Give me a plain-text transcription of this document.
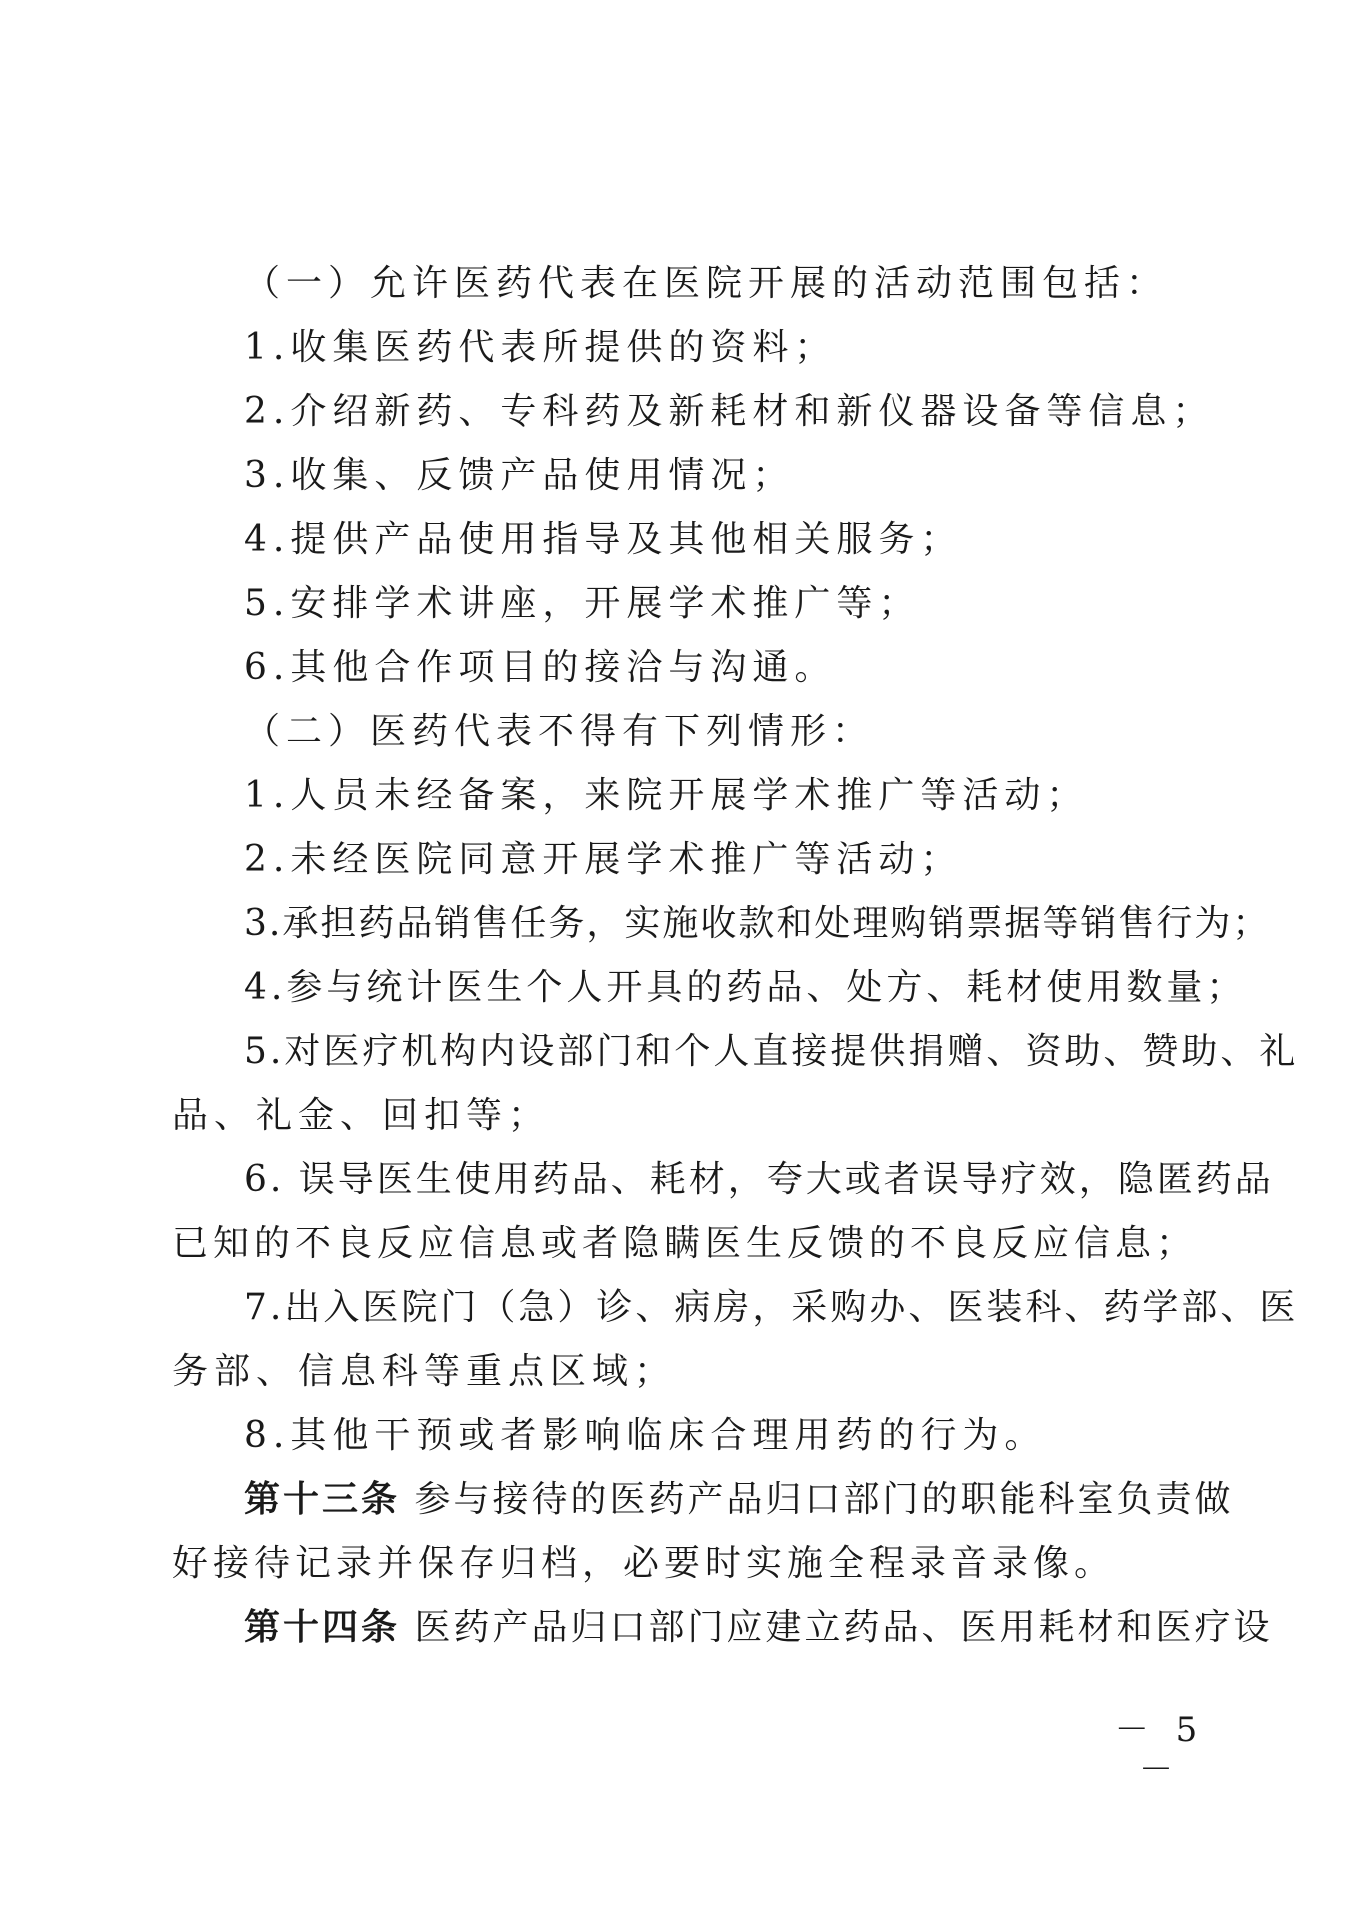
（一）允许医药代表在医院开展的活动范围包括：
1.收集医药代表所提供的资料；
2.介绍新药、专科药及新耗材和新仪器设备等信息；
3.收集、反馈产品使用情况；
4.提供产品使用指导及其他相关服务；
5.安排学术讲座，开展学术推广等；
6.其他合作项目的接洽与沟通。
（二）医药代表不得有下列情形：
1.人员未经备案，来院开展学术推广等活动；
2.未经医院同意开展学术推广等活动；
3.承担药品销售任务，实施收款和处理购销票据等销售行为；
4.参与统计医生个人开具的药品、处方、耗材使用数量；
5.对医疗机构内设部门和个人直接提供捐赠、资助、赞助、礼
品、礼金、回扣等；
6. 误导医生使用药品、耗材，夸大或者误导疗效，隐匿药品
已知的不良反应信息或者隐瞒医生反馈的不良反应信息；
7.出入医院门（急）诊、病房，采购办、医装科、药学部、医
务部、信息科等重点区域；
8.其他干预或者影响临床合理用药的行为。
第十三条 参与接待的医药产品归口部门的职能科室负责做
好接待记录并保存归档，必要时实施全程录音录像。
第十四条 医药产品归口部门应建立药品、医用耗材和医疗设
－ 5 －
